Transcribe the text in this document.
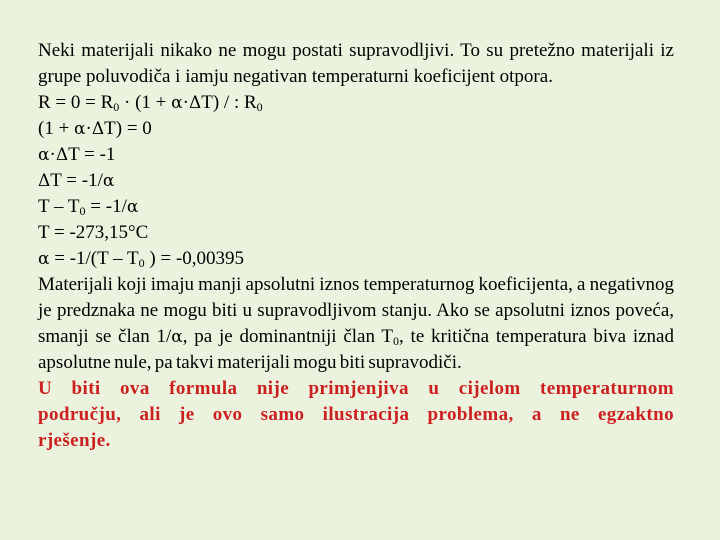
Neki materijali nikako ne mogu postati supravodljivi. To su pretežno materijali iz grupe poluvodiča i iamju negativan temperaturni koeficijent otpora.

$R = 0 = R_0 \cdot (1 + \alpha\cdot\Delta T)$ / : $R_0$

(1 + α·ΔT) = 0

α·ΔT = -1

ΔT = -1/α

$T - T_0 = -1/\alpha$

T = -273,15°C

$\alpha = -1/(T - T_0$ ) = -0,00395

Materijali koji imaju manji apsolutni iznos temperaturnog koeficijenta, a negativnog je predznaka ne mogu biti u supravodljivom stanju. Ako se apsolutni iznos poveća, smanji se član 1/α, pa je dominantniji član $T_0$, te kritična temperatura biva iznad apsolutne nule, pa takvi materijali mogu biti supravodiči.

U biti ova formula nije primjenjiva u cijelom temperaturnom području, ali je ovo samo ilustracija problema, a ne egzaktno rješenje.
